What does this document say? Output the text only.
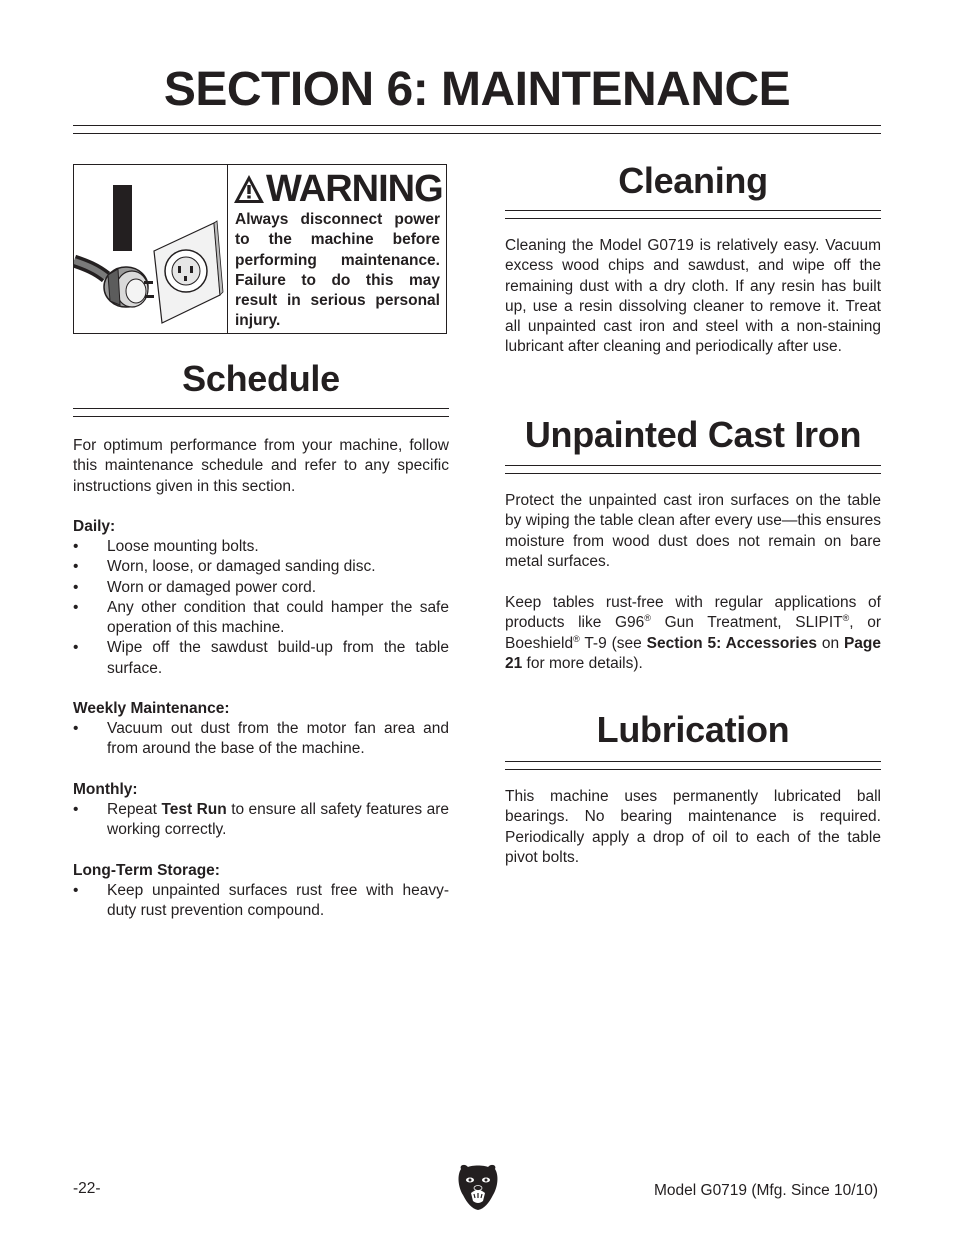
SECTION 6: MAINTENANCE
WARNING

Always disconnect power to the machine before performing maintenance. Failure to do this may result in serious personal injury.

Schedule

For optimum performance from your machine, follow this maintenance schedule and refer to any specific instructions given in this section.

Daily:
• Loose mounting bolts.
• Worn, loose, or damaged sanding disc.
• Worn or damaged power cord.
• Any other condition that could hamper the safe operation of this machine.
• Wipe off the sawdust build-up from the table surface.
Weekly Maintenance:
• Vacuum out dust from the motor fan area and from around the base of the machine.
Monthly:
• Repeat Test Run to ensure all safety features are working correctly.
Long-Term Storage:
• Keep unpainted surfaces rust free with heavy-duty rust prevention compound.
Cleaning

Cleaning the Model G0719 is relatively easy. Vacuum excess wood chips and sawdust, and wipe off the remaining dust with a dry cloth. If any resin has built up, use a resin dissolving cleaner to remove it. Treat all unpainted cast iron and steel with a non-staining lubricant after cleaning and periodically after use.

Unpainted Cast Iron

Protect the unpainted cast iron surfaces on the table by wiping the table clean after every use—this ensures moisture from wood dust does not remain on bare metal surfaces.

Keep tables rust-free with regular applications of products like G96® Gun Treatment, SLIPIT®, or Boeshield® T-9 (see Section 5: Accessories on Page 21 for more details).

Lubrication

This machine uses permanently lubricated ball bearings. No bearing maintenance is required. Periodically apply a drop of oil to each of the table pivot bolts.

-22-	Model G0719 (Mfg. Since 10/10)
